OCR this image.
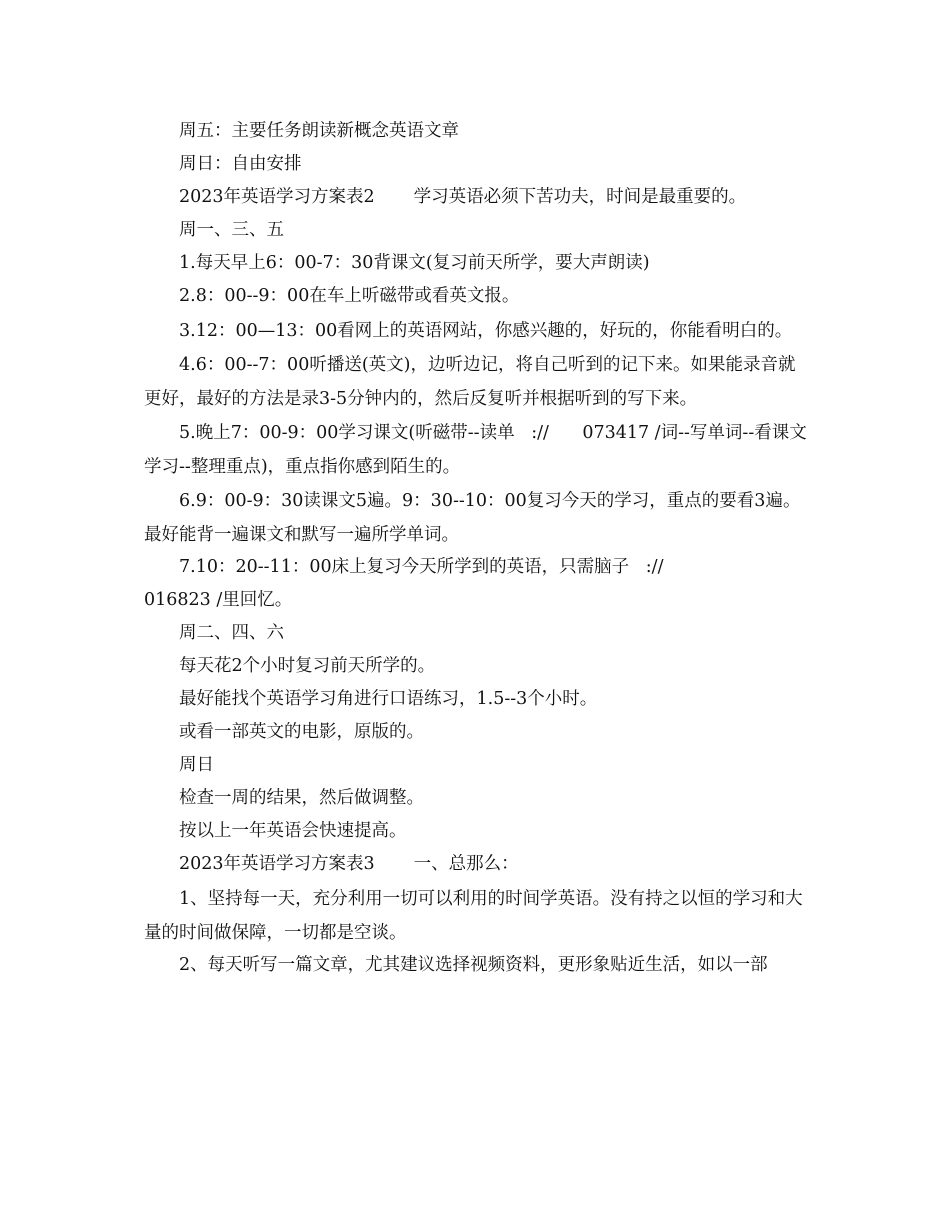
周五：主要任务朗读新概念英语文章

周日：自由安排

2023年英语学习方案表2       学习英语必须下苦功夫，时间是最重要的。

周一、三、五

1.每天早上6：00-7：30背课文(复习前天所学，要大声朗读)

2.8：00--9：00在车上听磁带或看英文报。

3.12：00—13：00看网上的英语网站，你感兴趣的，好玩的，你能看明白的。

4.6：00--7：00听播送(英文)，边听边记，将自己听到的记下来。如果能录音就更好，最好的方法是录3-5分钟内的，然后反复听并根据听到的写下来。

5.晚上7：00-9：00学习课文(听磁带--读单   ://      073417 /词--写单词--看课文学习--整理重点)，重点指你感到陌生的。

6.9：00-9：30读课文5遍。9：30--10：00复习今天的学习，重点的要看3遍。最好能背一遍课文和默写一遍所学单词。

7.10：20--11：00床上复习今天所学到的英语，只需脑子   ://

016823 /里回忆。

周二、四、六

每天花2个小时复习前天所学的。

最好能找个英语学习角进行口语练习，1.5--3个小时。

或看一部英文的电影，原版的。

周日

检查一周的结果，然后做调整。

按以上一年英语会快速提高。

2023年英语学习方案表3       一、总那么：

1、坚持每一天，充分利用一切可以利用的时间学英语。没有持之以恒的学习和大量的时间做保障，一切都是空谈。

2、每天听写一篇文章，尤其建议选择视频资料，更形象贴近生活，如以一部
